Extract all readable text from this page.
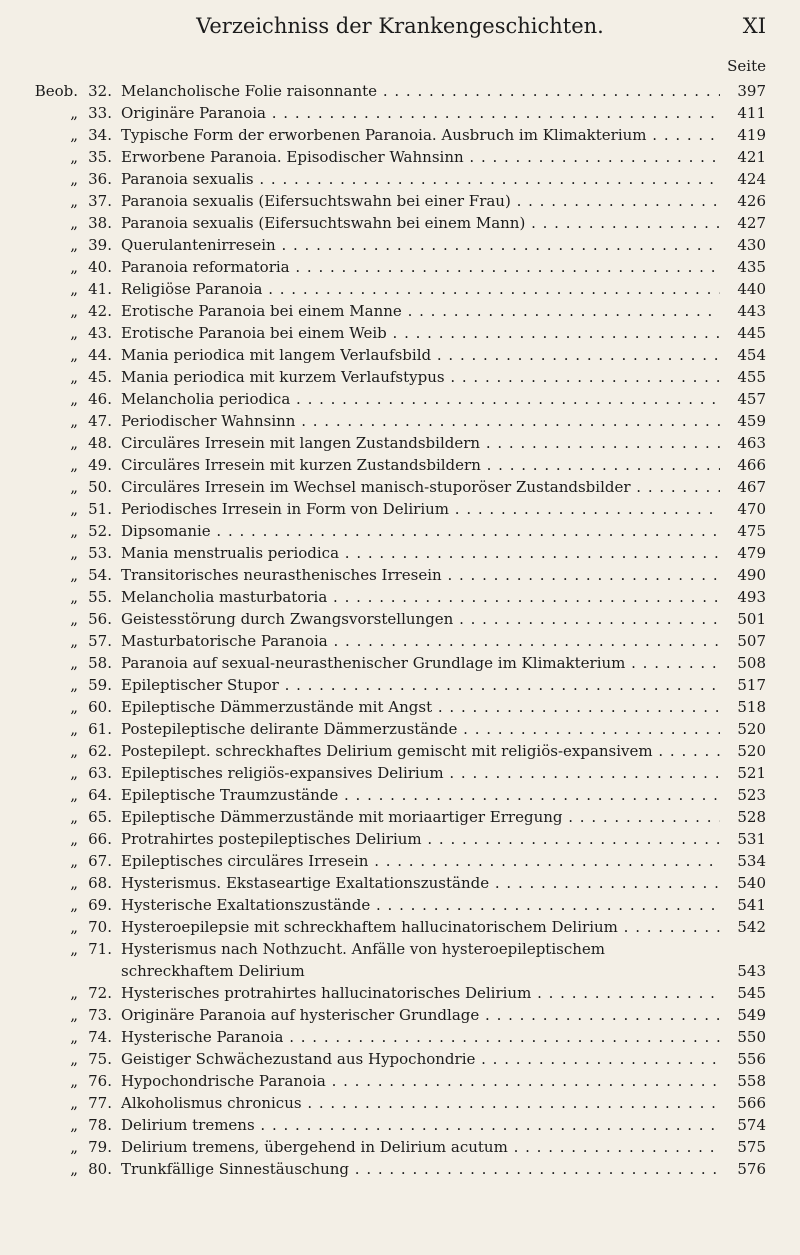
Verzeichniss der Krankengeschichten.	XI
Seite
Beob. 32. Melancholische Folie raisonnante . . .	397
„ 33. Originäre Paranoia . . .	411
„ 34. Typische Form der erworbenen Paranoia. Ausbruch im Klimakterium . . .	419
„ 35. Erworbene Paranoia. Episodischer Wahnsinn . . .	421
„ 36. Paranoia sexualis . . .	424
„ 37. Paranoia sexualis (Eifersuchtswahn bei einer Frau) . . .	426
„ 38. Paranoia sexualis (Eifersuchtswahn bei einem Mann) . . .	427
„ 39. Querulantenirresein . . .	430
„ 40. Paranoia reformatoria . . .	435
„ 41. Religiöse Paranoia . . .	440
„ 42. Erotische Paranoia bei einem Manne . . .	443
„ 43. Erotische Paranoia bei einem Weib . . .	445
„ 44. Mania periodica mit langem Verlaufsbild . . .	454
„ 45. Mania periodica mit kurzem Verlaufstypus . . .	455
„ 46. Melancholia periodica . . .	457
„ 47. Periodischer Wahnsinn . . .	459
„ 48. Circuläres Irresein mit langen Zustandsbildern . . .	463
„ 49. Circuläres Irresein mit kurzen Zustandsbildern . . .	466
„ 50. Circuläres Irresein im Wechsel manisch-stuporöser Zustandsbilder . . .	467
„ 51. Periodisches Irresein in Form von Delirium . . .	470
„ 52. Dipsomanie . . .	475
„ 53. Mania menstrualis periodica . . .	479
„ 54. Transitorisches neurasthenisches Irresein . . .	490
„ 55. Melancholia masturbatoria . . .	493
„ 56. Geistesstörung durch Zwangsvorstellungen . . .	501
„ 57. Masturbatorische Paranoia . . .	507
„ 58. Paranoia auf sexual-neurasthenischer Grundlage im Klimakterium . . .	508
„ 59. Epileptischer Stupor . . .	517
„ 60. Epileptische Dämmerzustände mit Angst . . .	518
„ 61. Postepileptische delirante Dämmerzustände . . .	520
„ 62. Postepilept. schreckhaftes Delirium gemischt mit religiös-expansivem . . .	520
„ 63. Epileptisches religiös-expansives Delirium . . .	521
„ 64. Epileptische Traumzustände . . .	523
„ 65. Epileptische Dämmerzustände mit moriaartiger Erregung . . .	528
„ 66. Protrahirtes postepileptisches Delirium . . .	531
„ 67. Epileptisches circuläres Irresein . . .	534
„ 68. Hysterismus. Ekstaseartige Exaltationszustände . . .	540
„ 69. Hysterische Exaltationszustände . . .	541
„ 70. Hysteroepilepsie mit schreckhaftem hallucinatorischem Delirium . . .	542
„ 71. Hysterismus nach Nothzucht. Anfälle von hysteroepileptischem schreckhaftem Delirium	543
„ 72. Hysterisches protrahirtes hallucinatorisches Delirium . . .	545
„ 73. Originäre Paranoia auf hysterischer Grundlage . . .	549
„ 74. Hysterische Paranoia . . .	550
„ 75. Geistiger Schwächezustand aus Hypochondrie . . .	556
„ 76. Hypochondrische Paranoia . . .	558
„ 77. Alkoholismus chronicus . . .	566
„ 78. Delirium tremens . . .	574
„ 79. Delirium tremens, übergehend in Delirium acutum . . .	575
„ 80. Trunkfällige Sinnestäuschung . . .	576
